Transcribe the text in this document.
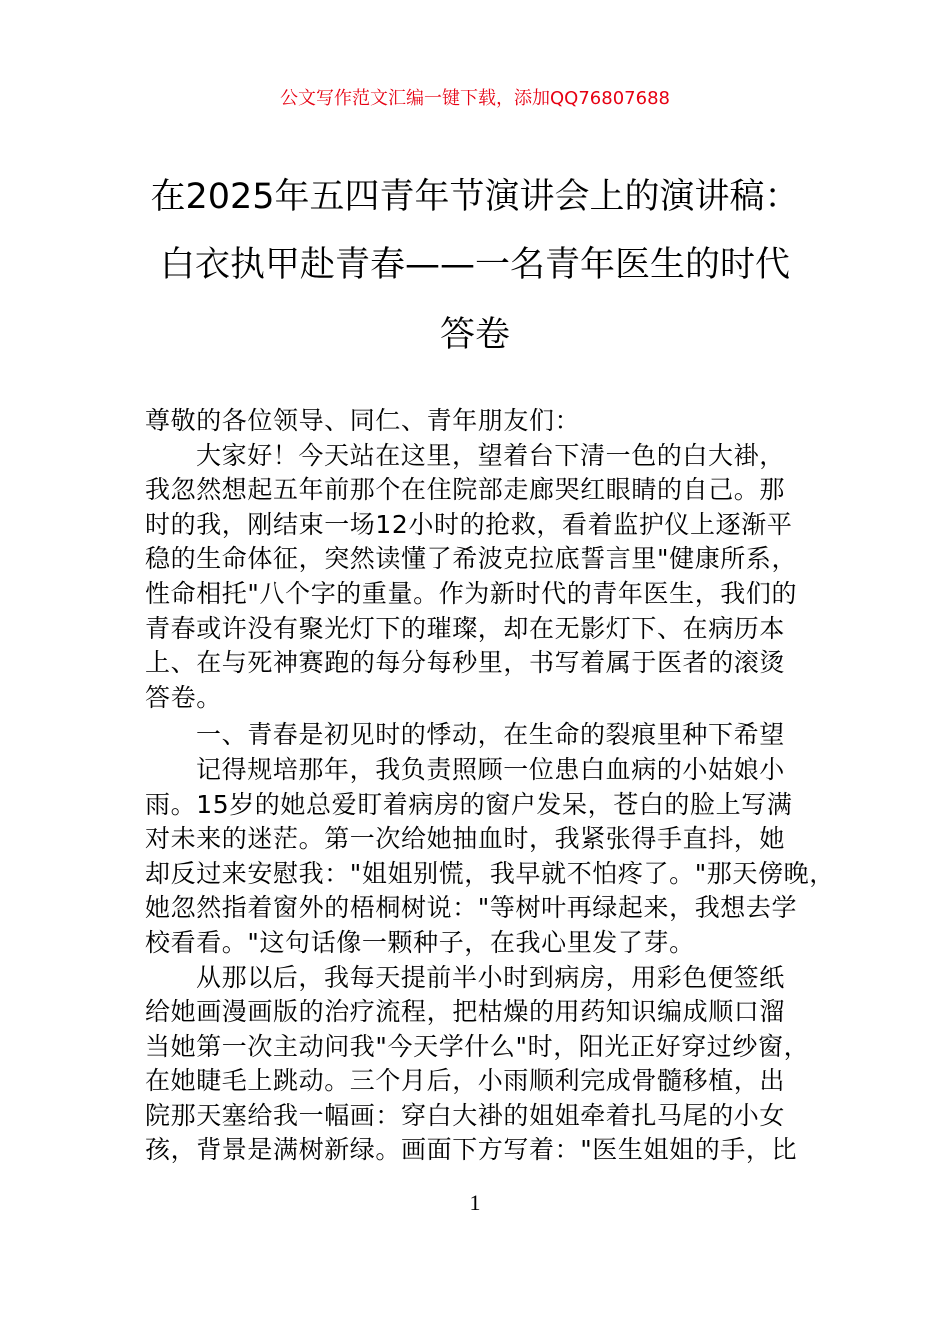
公文写作范文汇编一键下载，添加QQ76807688
在2025年五四青年节演讲会上的演讲稿：
白衣执甲赴青春——一名青年医生的时代
答卷
尊敬的各位领导、同仁、青年朋友们：
大家好！今天站在这里，望着台下清一色的白大褂，
我忽然想起五年前那个在住院部走廊哭红眼睛的自己。那
时的我，刚结束一场12小时的抢救，看着监护仪上逐渐平
稳的生命体征，突然读懂了希波克拉底誓言里"健康所系，
性命相托"八个字的重量。作为新时代的青年医生，我们的
青春或许没有聚光灯下的璀璨，却在无影灯下、在病历本
上、在与死神赛跑的每分每秒里，书写着属于医者的滚烫
答卷。
一、青春是初见时的悸动，在生命的裂痕里种下希望
记得规培那年，我负责照顾一位患白血病的小姑娘小
雨。15岁的她总爱盯着病房的窗户发呆，苍白的脸上写满
对未来的迷茫。第一次给她抽血时，我紧张得手直抖，她
却反过来安慰我："姐姐别慌，我早就不怕疼了。"那天傍晚，
她忽然指着窗外的梧桐树说："等树叶再绿起来，我想去学
校看看。"这句话像一颗种子，在我心里发了芽。
从那以后，我每天提前半小时到病房，用彩色便签纸
给她画漫画版的治疗流程，把枯燥的用药知识编成顺口溜
当她第一次主动问我"今天学什么"时，阳光正好穿过纱窗，
在她睫毛上跳动。三个月后，小雨顺利完成骨髓移植，出
院那天塞给我一幅画：穿白大褂的姐姐牵着扎马尾的小女
孩，背景是满树新绿。画面下方写着："医生姐姐的手，比
1
